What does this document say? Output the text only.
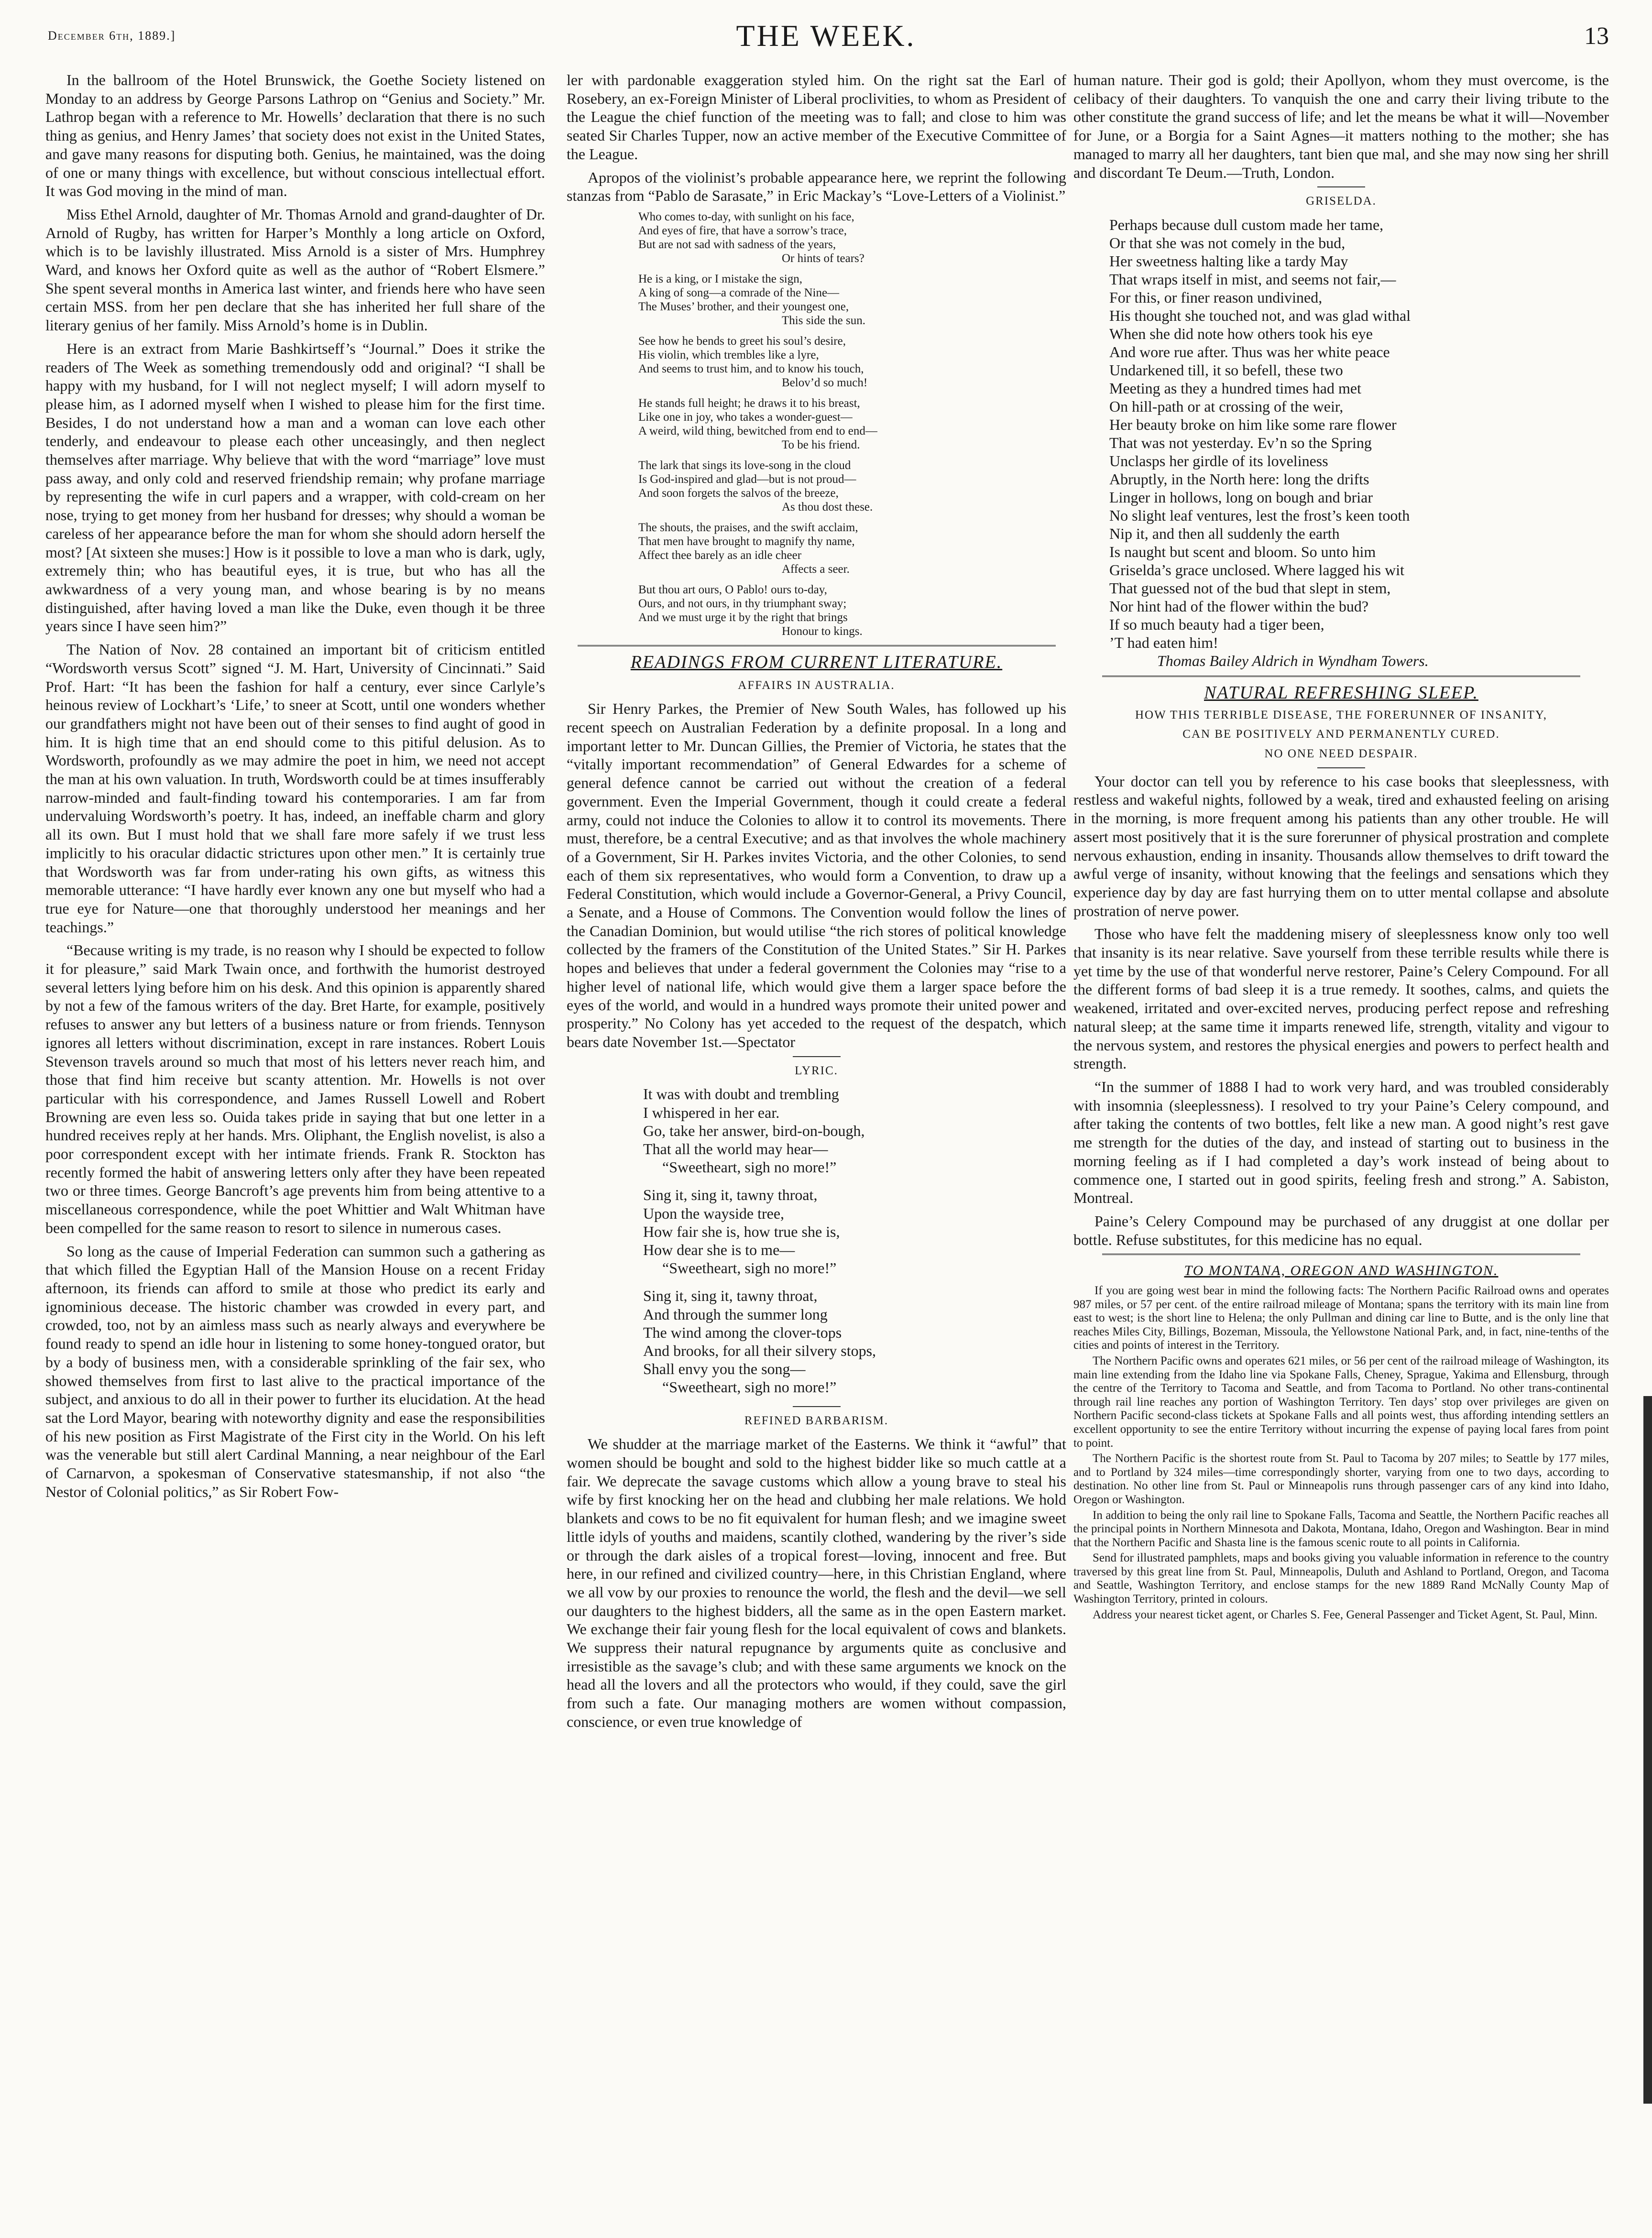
December 6th, 1889.]	THE WEEK.	13

In the ballroom of the Hotel Brunswick, the Goethe Society listened on Monday to an address by George Parsons Lathrop on “Genius and Society.” Mr. Lathrop began with a reference to Mr. Howells’ declaration that there is no such thing as genius, and Henry James’ that society does not exist in the United States, and gave many reasons for disputing both. Genius, he maintained, was the doing of one or many things with excellence, but without conscious intellectual effort. It was God moving in the mind of man.

Miss Ethel Arnold, daughter of Mr. Thomas Arnold and grand-daughter of Dr. Arnold of Rugby, has written for Harper’s Monthly a long article on Oxford, which is to be lavishly illustrated. Miss Arnold is a sister of Mrs. Humphrey Ward, and knows her Oxford quite as well as the author of “Robert Elsmere.” She spent several months in America last winter, and friends here who have seen certain MSS. from her pen declare that she has inherited her full share of the literary genius of her family. Miss Arnold’s home is in Dublin.

Here is an extract from Marie Bashkirtseff’s “Journal.” Does it strike the readers of The Week as something tremendously odd and original? “I shall be happy with my husband, for I will not neglect myself; I will adorn myself to please him, as I adorned myself when I wished to please him for the first time. Besides, I do not understand how a man and a woman can love each other tenderly, and endeavour to please each other unceasingly, and then neglect themselves after marriage. Why believe that with the word “marriage” love must pass away, and only cold and reserved friendship remain; why profane marriage by representing the wife in curl papers and a wrapper, with cold-cream on her nose, trying to get money from her husband for dresses; why should a woman be careless of her appearance before the man for whom she should adorn herself the most? [At sixteen she muses:] How is it possible to love a man who is dark, ugly, extremely thin; who has beautiful eyes, it is true, but who has all the awkwardness of a very young man, and whose bearing is by no means distinguished, after having loved a man like the Duke, even though it be three years since I have seen him?”

The Nation of Nov. 28 contained an important bit of criticism entitled “Wordsworth versus Scott” signed “J. M. Hart, University of Cincinnati.” Said Prof. Hart: “It has been the fashion for half a century, ever since Carlyle’s heinous review of Lockhart’s ‘Life,’ to sneer at Scott, until one wonders whether our grandfathers might not have been out of their senses to find aught of good in him. It is high time that an end should come to this pitiful delusion. As to Wordsworth, profoundly as we may admire the poet in him, we need not accept the man at his own valuation. In truth, Wordsworth could be at times insufferably narrow-minded and fault-finding toward his contemporaries. I am far from undervaluing Wordsworth’s poetry. It has, indeed, an ineffable charm and glory all its own. But I must hold that we shall fare more safely if we trust less implicitly to his oracular didactic strictures upon other men.” It is certainly true that Wordsworth was far from under-rating his own gifts, as witness this memorable utterance: “I have hardly ever known any one but myself who had a true eye for Nature—one that thoroughly understood her meanings and her teachings.”

“Because writing is my trade, is no reason why I should be expected to follow it for pleasure,” said Mark Twain once, and forthwith the humorist destroyed several letters lying before him on his desk. And this opinion is apparently shared by not a few of the famous writers of the day. Bret Harte, for example, positively refuses to answer any but letters of a business nature or from friends. Tennyson ignores all letters without discrimination, except in rare instances. Robert Louis Stevenson travels around so much that most of his letters never reach him, and those that find him receive but scanty attention. Mr. Howells is not over particular with his correspondence, and James Russell Lowell and Robert Browning are even less so. Ouida takes pride in saying that but one letter in a hundred receives reply at her hands. Mrs. Oliphant, the English novelist, is also a poor correspondent except with her intimate friends. Frank R. Stockton has recently formed the habit of answering letters only after they have been repeated two or three times. George Bancroft’s age prevents him from being attentive to a miscellaneous correspondence, while the poet Whittier and Walt Whitman have been compelled for the same reason to resort to silence in numerous cases.

So long as the cause of Imperial Federation can summon such a gathering as that which filled the Egyptian Hall of the Mansion House on a recent Friday afternoon, its friends can afford to smile at those who predict its early and ignominious decease. The historic chamber was crowded in every part, and crowded, too, not by an aimless mass such as nearly always and everywhere be found ready to spend an idle hour in listening to some honey-tongued orator, but by a body of business men, with a considerable sprinkling of the fair sex, who showed themselves from first to last alive to the practical importance of the subject, and anxious to do all in their power to further its elucidation. At the head sat the Lord Mayor, bearing with noteworthy dignity and ease the responsibilities of his new position as First Magistrate of the First city in the World. On his left was the venerable but still alert Cardinal Manning, a near neighbour of the Earl of Carnarvon, a spokesman of Conservative statesmanship, if not also “the Nestor of Colonial politics,” as Sir Robert Fow-

ler with pardonable exaggeration styled him. On the right sat the Earl of Rosebery, an ex-Foreign Minister of Liberal proclivities, to whom as President of the League the chief function of the meeting was to fall; and close to him was seated Sir Charles Tupper, now an active member of the Executive Committee of the League.

Apropos of the violinist’s probable appearance here, we reprint the following stanzas from “Pablo de Sarasate,” in Eric Mackay’s “Love-Letters of a Violinist.”

Who comes to-day, with sunlight on his face,
And eyes of fire, that have a sorrow’s trace,
But are not sad with sadness of the years,
Or hints of tears?
He is a king, or I mistake the sign,
A king of song—a comrade of the Nine—
The Muses’ brother, and their youngest one,
This side the sun.
See how he bends to greet his soul’s desire,
His violin, which trembles like a lyre,
And seems to trust him, and to know his touch,
Belov’d so much!
He stands full height; he draws it to his breast,
Like one in joy, who takes a wonder-guest—
A weird, wild thing, bewitched from end to end—
To be his friend.
The lark that sings its love-song in the cloud
Is God-inspired and glad—but is not proud—
And soon forgets the salvos of the breeze,
As thou dost these.
The shouts, the praises, and the swift acclaim,
That men have brought to magnify thy name,
Affect thee barely as an idle cheer
Affects a seer.
But thou art ours, O Pablo! ours to-day,
Ours, and not ours, in thy triumphant sway;
And we must urge it by the right that brings
Honour to kings.
READINGS FROM CURRENT LITERATURE.
AFFAIRS IN AUSTRALIA.

Sir Henry Parkes, the Premier of New South Wales, has followed up his recent speech on Australian Federation by a definite proposal. In a long and important letter to Mr. Duncan Gillies, the Premier of Victoria, he states that the “vitally important recommendation” of General Edwardes for a scheme of general defence cannot be carried out without the creation of a federal government. Even the Imperial Government, though it could create a federal army, could not induce the Colonies to allow it to control its movements. There must, therefore, be a central Executive; and as that involves the whole machinery of a Government, Sir H. Parkes invites Victoria, and the other Colonies, to send each of them six representatives, who would form a Convention, to draw up a Federal Constitution, which would include a Governor-General, a Privy Council, a Senate, and a House of Commons. The Convention would follow the lines of the Canadian Dominion, but would utilise “the rich stores of political knowledge collected by the framers of the Constitution of the United States.” Sir H. Parkes hopes and believes that under a federal government the Colonies may “rise to a higher level of national life, which would give them a larger space before the eyes of the world, and would in a hundred ways promote their united power and prosperity.” No Colony has yet acceded to the request of the despatch, which bears date November 1st.—Spectator

LYRIC.
It was with doubt and trembling
I whispered in her ear.
Go, take her answer, bird-on-bough,
That all the world may hear—
“Sweetheart, sigh no more!”
Sing it, sing it, tawny throat,
Upon the wayside tree,
How fair she is, how true she is,
How dear she is to me—
“Sweetheart, sigh no more!”
Sing it, sing it, tawny throat,
And through the summer long
The wind among the clover-tops
And brooks, for all their silvery stops,
Shall envy you the song—
“Sweetheart, sigh no more!”
REFINED BARBARISM.

We shudder at the marriage market of the Easterns. We think it “awful” that women should be bought and sold to the highest bidder like so much cattle at a fair. We deprecate the savage customs which allow a young brave to steal his wife by first knocking her on the head and clubbing her male relations. We hold blankets and cows to be no fit equivalent for human flesh; and we imagine sweet little idyls of youths and maidens, scantily clothed, wandering by the river’s side or through the dark aisles of a tropical forest—loving, innocent and free. But here, in our refined and civilized country—here, in this Christian England, where we all vow by our proxies to renounce the world, the flesh and the devil—we sell our daughters to the highest bidders, all the same as in the open Eastern market. We exchange their fair young flesh for the local equivalent of cows and blankets. We suppress their natural repugnance by arguments quite as conclusive and irresistible as the savage’s club; and with these same arguments we knock on the head all the lovers and all the protectors who would, if they could, save the girl from such a fate. Our managing mothers are women without compassion, conscience, or even true knowledge of

human nature. Their god is gold; their Apollyon, whom they must overcome, is the celibacy of their daughters. To vanquish the one and carry their living tribute to the other constitute the grand success of life; and let the means be what it will—November for June, or a Borgia for a Saint Agnes—it matters nothing to the mother; she has managed to marry all her daughters, tant bien que mal, and she may now sing her shrill and discordant Te Deum.—Truth, London.

GRISELDA.
Perhaps because dull custom made her tame,
Or that she was not comely in the bud,
Her sweetness halting like a tardy May
That wraps itself in mist, and seems not fair,—
For this, or finer reason undivined,
His thought she touched not, and was glad withal
When she did note how others took his eye
And wore rue after. Thus was her white peace
Undarkened till, it so befell, these two
Meeting as they a hundred times had met
On hill-path or at crossing of the weir,
Her beauty broke on him like some rare flower
That was not yesterday. Ev’n so the Spring
Unclasps her girdle of its loveliness
Abruptly, in the North here: long the drifts
Linger in hollows, long on bough and briar
No slight leaf ventures, lest the frost’s keen tooth
Nip it, and then all suddenly the earth
Is naught but scent and bloom. So unto him
Griselda’s grace unclosed. Where lagged his wit
That guessed not of the bud that slept in stem,
Nor hint had of the flower within the bud?
If so much beauty had a tiger been,
’T had eaten him!
Thomas Bailey Aldrich in Wyndham Towers.
NATURAL REFRESHING SLEEP.
HOW THIS TERRIBLE DISEASE, THE FORERUNNER OF INSANITY,
CAN BE POSITIVELY AND PERMANENTLY CURED.
NO ONE NEED DESPAIR.

Your doctor can tell you by reference to his case books that sleeplessness, with restless and wakeful nights, followed by a weak, tired and exhausted feeling on arising in the morning, is more frequent among his patients than any other trouble. He will assert most positively that it is the sure forerunner of physical prostration and complete nervous exhaustion, ending in insanity. Thousands allow themselves to drift toward the awful verge of insanity, without knowing that the feelings and sensations which they experience day by day are fast hurrying them on to utter mental collapse and absolute prostration of nerve power.

Those who have felt the maddening misery of sleeplessness know only too well that insanity is its near relative. Save yourself from these terrible results while there is yet time by the use of that wonderful nerve restorer, Paine’s Celery Compound. For all the different forms of bad sleep it is a true remedy. It soothes, calms, and quiets the weakened, irritated and over-excited nerves, producing perfect repose and refreshing natural sleep; at the same time it imparts renewed life, strength, vitality and vigour to the nervous system, and restores the physical energies and powers to perfect health and strength.

“In the summer of 1888 I had to work very hard, and was troubled considerably with insomnia (sleeplessness). I resolved to try your Paine’s Celery compound, and after taking the contents of two bottles, felt like a new man. A good night’s rest gave me strength for the duties of the day, and instead of starting out to business in the morning feeling as if I had completed a day’s work instead of being about to commence one, I started out in good spirits, feeling fresh and strong.” A. Sabiston, Montreal.

Paine’s Celery Compound may be purchased of any druggist at one dollar per bottle. Refuse substitutes, for this medicine has no equal.

TO MONTANA, OREGON AND WASHINGTON.

If you are going west bear in mind the following facts: The Northern Pacific Railroad owns and operates 987 miles, or 57 per cent. of the entire railroad mileage of Montana; spans the territory with its main line from east to west; is the short line to Helena; the only Pullman and dining car line to Butte, and is the only line that reaches Miles City, Billings, Bozeman, Missoula, the Yellowstone National Park, and, in fact, nine-tenths of the cities and points of interest in the Territory.

The Northern Pacific owns and operates 621 miles, or 56 per cent of the railroad mileage of Washington, its main line extending from the Idaho line via Spokane Falls, Cheney, Sprague, Yakima and Ellensburg, through the centre of the Territory to Tacoma and Seattle, and from Tacoma to Portland. No other trans-continental through rail line reaches any portion of Washington Territory. Ten days’ stop over privileges are given on Northern Pacific second-class tickets at Spokane Falls and all points west, thus affording intending settlers an excellent opportunity to see the entire Territory without incurring the expense of paying local fares from point to point.

The Northern Pacific is the shortest route from St. Paul to Tacoma by 207 miles; to Seattle by 177 miles, and to Portland by 324 miles—time correspondingly shorter, varying from one to two days, according to destination. No other line from St. Paul or Minneapolis runs through passenger cars of any kind into Idaho, Oregon or Washington.

In addition to being the only rail line to Spokane Falls, Tacoma and Seattle, the Northern Pacific reaches all the principal points in Northern Minnesota and Dakota, Montana, Idaho, Oregon and Washington. Bear in mind that the Northern Pacific and Shasta line is the famous scenic route to all points in California.

Send for illustrated pamphlets, maps and books giving you valuable information in reference to the country traversed by this great line from St. Paul, Minneapolis, Duluth and Ashland to Portland, Oregon, and Tacoma and Seattle, Washington Territory, and enclose stamps for the new 1889 Rand McNally County Map of Washington Territory, printed in colours.

Address your nearest ticket agent, or Charles S. Fee, General Passenger and Ticket Agent, St. Paul, Minn.
